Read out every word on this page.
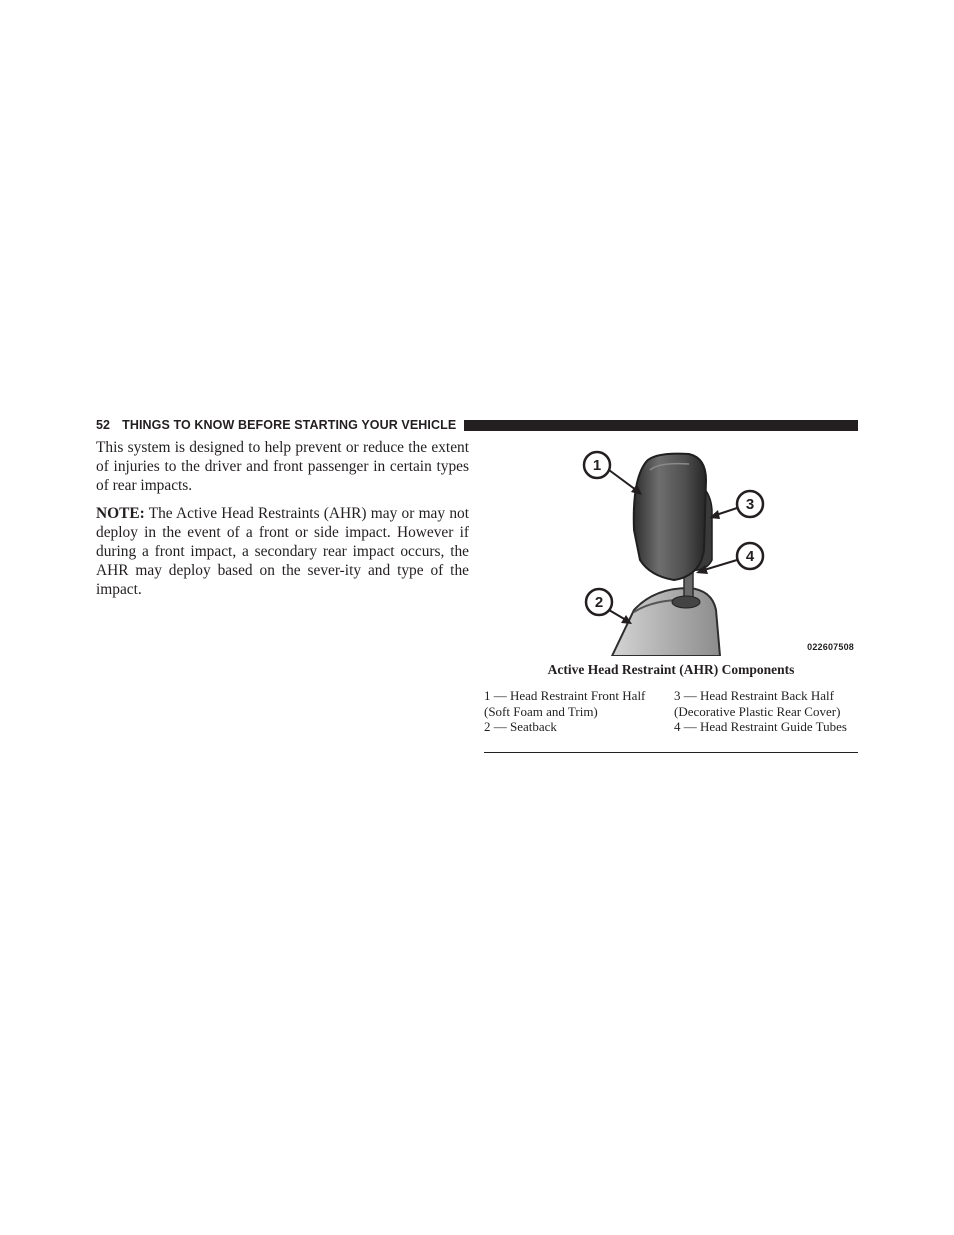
52 THINGS TO KNOW BEFORE STARTING YOUR VEHICLE

This system is designed to help prevent or reduce the extent of injuries to the driver and front passenger in certain types of rear impacts.

NOTE: The Active Head Restraints (AHR) may or may not deploy in the event of a front or side impact. However if during a front impact, a secondary rear impact occurs, the AHR may deploy based on the sever-ity and type of the impact.

1
2
3
4
022607508
Active Head Restraint (AHR) Components
1 — Head Restraint Front Half (Soft Foam and Trim)
3 — Head Restraint Back Half (Decorative Plastic Rear Cover)
2 — Seatback	4 — Head Restraint Guide Tubes
